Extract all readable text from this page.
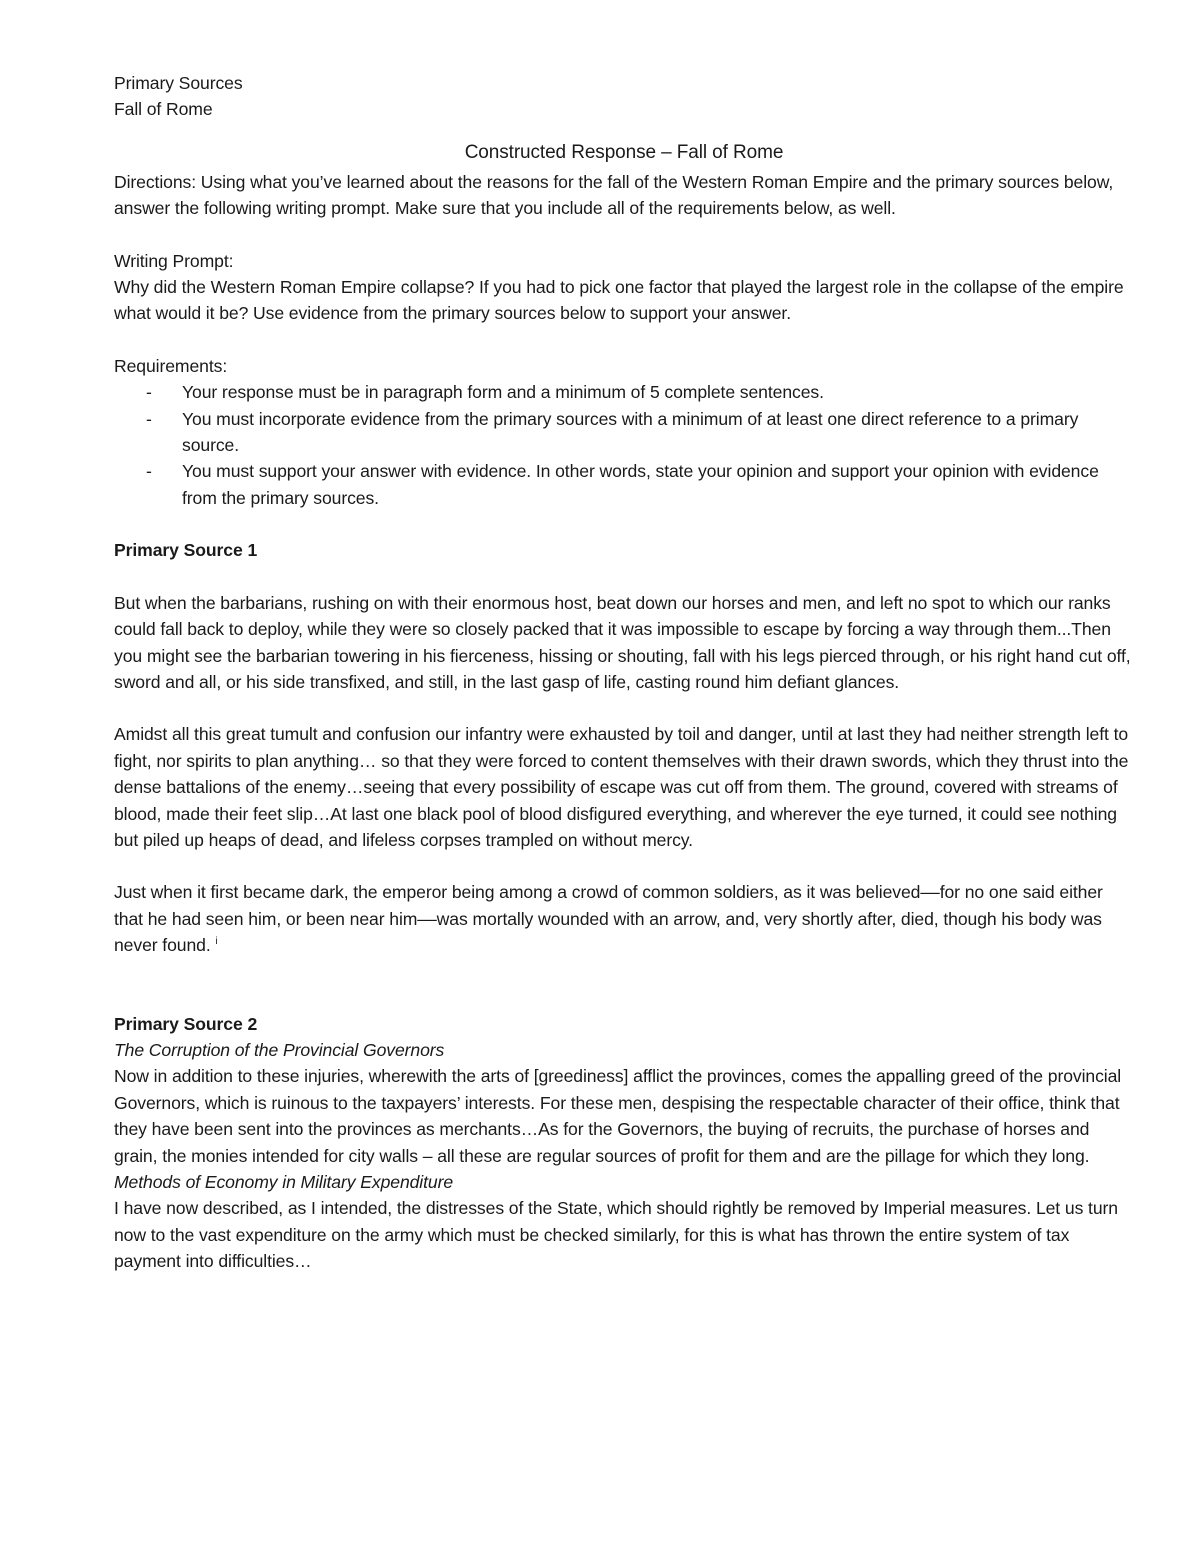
Primary Sources

Fall of Rome

Constructed Response – Fall of Rome

Directions: Using what you’ve learned about the reasons for the fall of the Western Roman Empire and the primary sources below, answer the following writing prompt. Make sure that you include all of the requirements below, as well.

Writing Prompt:

Why did the Western Roman Empire collapse? If you had to pick one factor that played the largest role in the collapse of the empire what would it be? Use evidence from the primary sources below to support your answer.

Requirements:

- Your response must be in paragraph form and a minimum of 5 complete sentences.
- You must incorporate evidence from the primary sources with a minimum of at least one direct reference to a primary source.
- You must support your answer with evidence. In other words, state your opinion and support your opinion with evidence from the primary sources.

Primary Source 1

But when the barbarians, rushing on with their enormous host, beat down our horses and men, and left no spot to which our ranks could fall back to deploy, while they were so closely packed that it was impossible to escape by forcing a way through them...Then you might see the barbarian towering in his fierceness, hissing or shouting, fall with his legs pierced through, or his right hand cut off, sword and all, or his side transfixed, and still, in the last gasp of life, casting round him defiant glances.

Amidst all this great tumult and confusion our infantry were exhausted by toil and danger, until at last they had neither strength left to fight, nor spirits to plan anything… so that they were forced to content themselves with their drawn swords, which they thrust into the dense battalions of the enemy…seeing that every possibility of escape was cut off from them. The ground, covered with streams of blood, made their feet slip…At last one black pool of blood disfigured everything, and wherever the eye turned, it could see nothing but piled up heaps of dead, and lifeless corpses trampled on without mercy.

Just when it first became dark, the emperor being among a crowd of common soldiers, as it was believed––for no one said either that he had seen him, or been near him––was mortally wounded with an arrow, and, very shortly after, died, though his body was never found. $^i$

Primary Source 2

The Corruption of the Provincial Governors

Now in addition to these injuries, wherewith the arts of [greediness] afflict the provinces, comes the appalling greed of the provincial Governors, which is ruinous to the taxpayers’ interests. For these men, despising the respectable character of their office, think that they have been sent into the provinces as merchants…As for the Governors, the buying of recruits, the purchase of horses and grain, the monies intended for city walls – all these are regular sources of profit for them and are the pillage for which they long.

Methods of Economy in Military Expenditure

I have now described, as I intended, the distresses of the State, which should rightly be removed by Imperial measures. Let us turn now to the vast expenditure on the army which must be checked similarly, for this is what has thrown the entire system of tax payment into difficulties…
